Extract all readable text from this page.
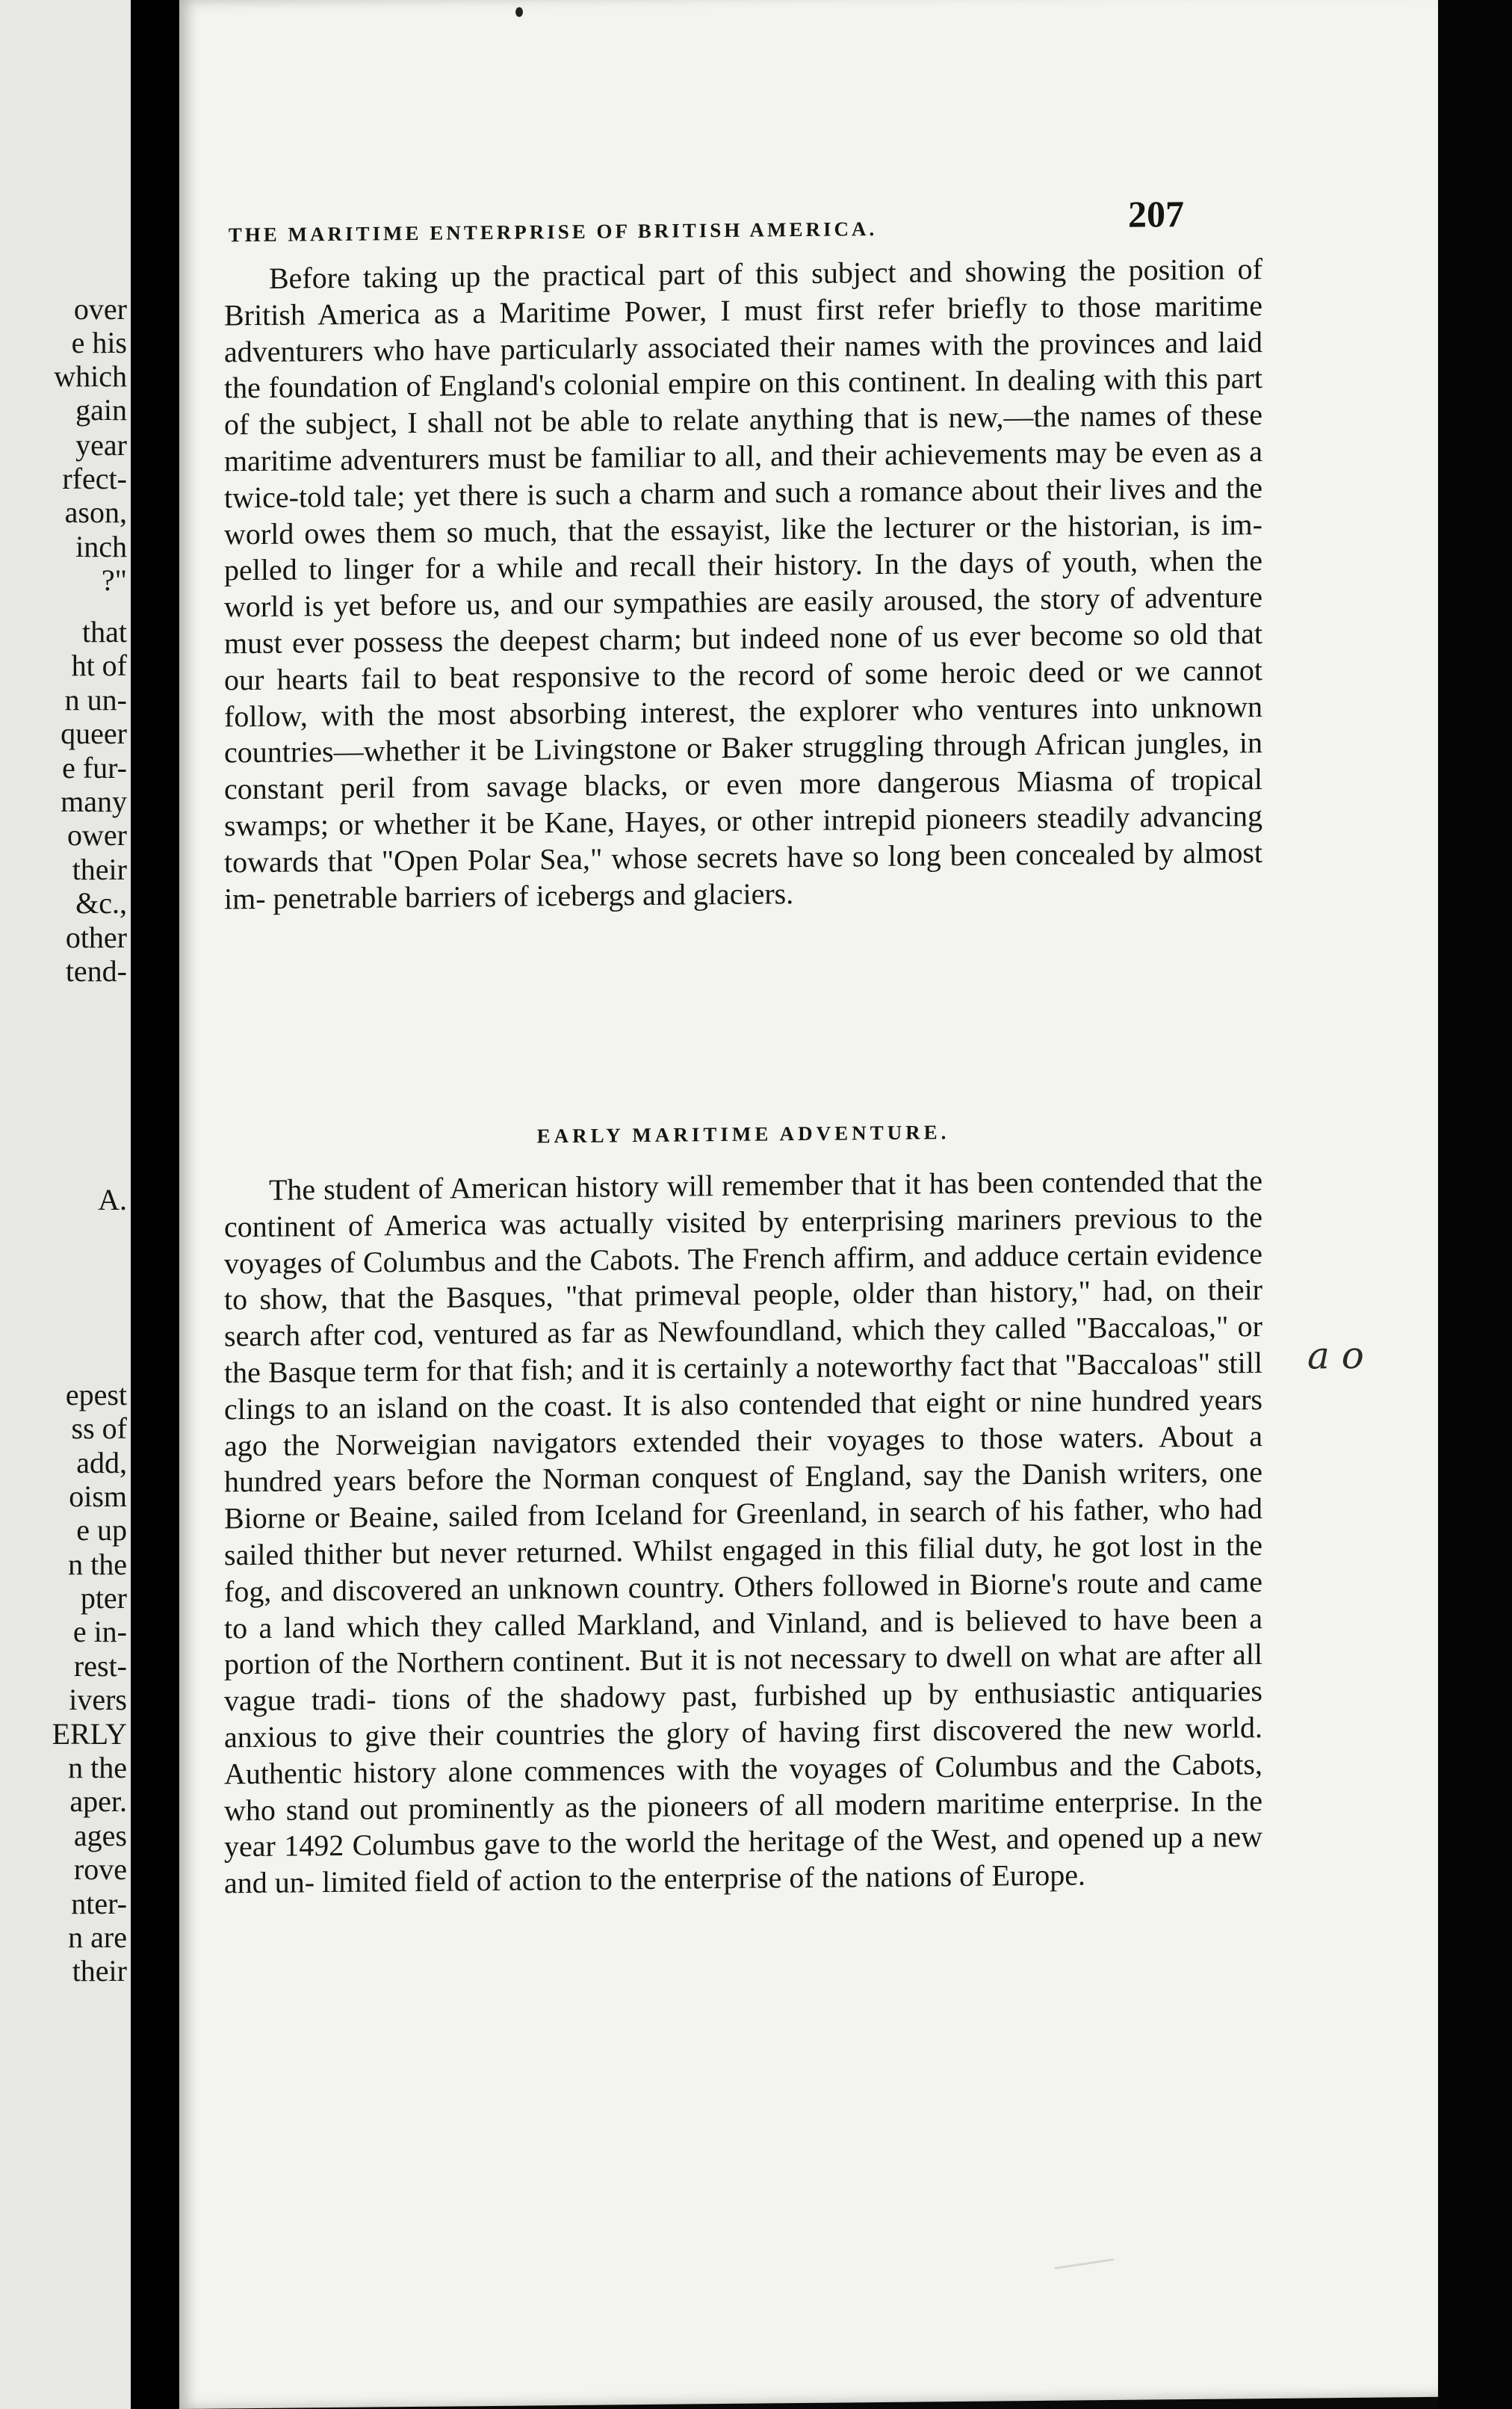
over
e his
which
gain
year
rfect-
ason,
inch
?"
that
ht of
n un-
queer
e fur-
many
ower
their
&c.,
other
tend-
A.
epest
ss of
add,
oism
e up
n the
pter
e in-
rest-
ivers
ERLY
n the
aper.
ages
rove
nter-
n are
their
THE MARITIME ENTERPRISE OF BRITISH AMERICA.	207

Before taking up the practical part of this subject and showing the position of British America as a Maritime Power, I must first refer briefly to those maritime adventurers who have particularly associated their names with the provinces and laid the foundation of England's colonial empire on this continent. In dealing with this part of the subject, I shall not be able to relate anything that is new,—the names of these maritime adventurers must be familiar to all, and their achievements may be even as a twice-told tale; yet there is such a charm and such a romance about their lives and the world owes them so much, that the essayist, like the lecturer or the historian, is im- pelled to linger for a while and recall their history. In the days of youth, when the world is yet before us, and our sympathies are easily aroused, the story of adventure must ever possess the deepest charm; but indeed none of us ever become so old that our hearts fail to beat responsive to the record of some heroic deed or we cannot follow, with the most absorbing interest, the explorer who ventures into unknown countries—whether it be Livingstone or Baker struggling through African jungles, in constant peril from savage blacks, or even more dangerous Miasma of tropical swamps; or whether it be Kane, Hayes, or other intrepid pioneers steadily advancing towards that "Open Polar Sea," whose secrets have so long been concealed by almost im- penetrable barriers of icebergs and glaciers.

EARLY MARITIME ADVENTURE.

The student of American history will remember that it has been contended that the continent of America was actually visited by enterprising mariners previous to the voyages of Columbus and the Cabots. The French affirm, and adduce certain evidence to show, that the Basques, "that primeval people, older than history," had, on their search after cod, ventured as far as Newfoundland, which they called "Baccaloas," or the Basque term for that fish; and it is certainly a noteworthy fact that "Baccaloas" still clings to an island on the coast. It is also contended that eight or nine hundred years ago the Norweigian navigators extended their voyages to those waters. About a hundred years before the Norman conquest of England, say the Danish writers, one Biorne or Beaine, sailed from Iceland for Greenland, in search of his father, who had sailed thither but never returned. Whilst engaged in this filial duty, he got lost in the fog, and discovered an unknown country. Others followed in Biorne's route and came to a land which they called Markland, and Vinland, and is believed to have been a portion of the Northern continent. But it is not necessary to dwell on what are after all vague tradi- tions of the shadowy past, furbished up by enthusiastic antiquaries anxious to give their countries the glory of having first discovered the new world. Authentic history alone commences with the voyages of Columbus and the Cabots, who stand out prominently as the pioneers of all modern maritime enterprise. In the year 1492 Columbus gave to the world the heritage of the West, and opened up a new and un- limited field of action to the enterprise of the nations of Europe.

a o
